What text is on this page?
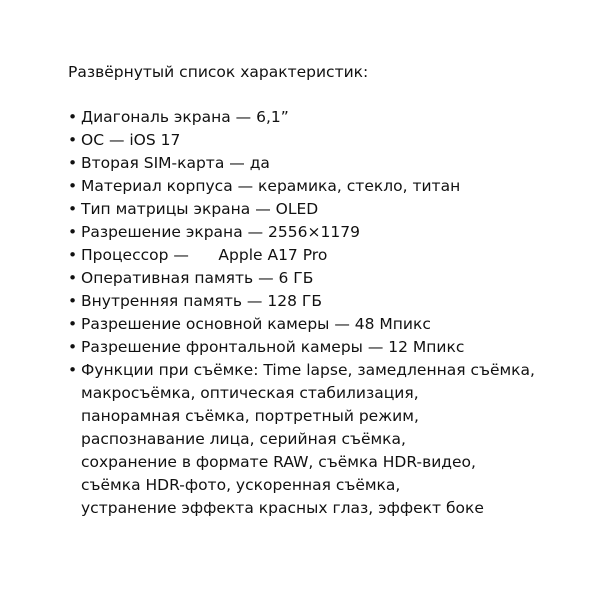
Развёрнутый список характеристик:
• Диагональ экрана — 6,1”
• ОС — iOS 17
• Вторая SIM-карта — да
• Материал корпуса — керамика, стекло, титан
• Тип матрицы экрана — OLED
• Разрешение экрана — 2556×1179
• Процессор —      Apple A17 Pro
• Оперативная память — 6 ГБ
• Внутренняя память — 128 ГБ
• Разрешение основной камеры — 48 Мпикс
• Разрешение фронтальной камеры — 12 Мпикс
• Функции при съёмке: Time lapse, замедленная съёмка,
макросъёмка, оптическая стабилизация,
панорамная съёмка, портретный режим,
распознавание лица, серийная съёмка,
сохранение в формате RAW, съёмка HDR-видео,
съёмка HDR-фото, ускоренная съёмка,
устранение эффекта красных глаз, эффект боке
